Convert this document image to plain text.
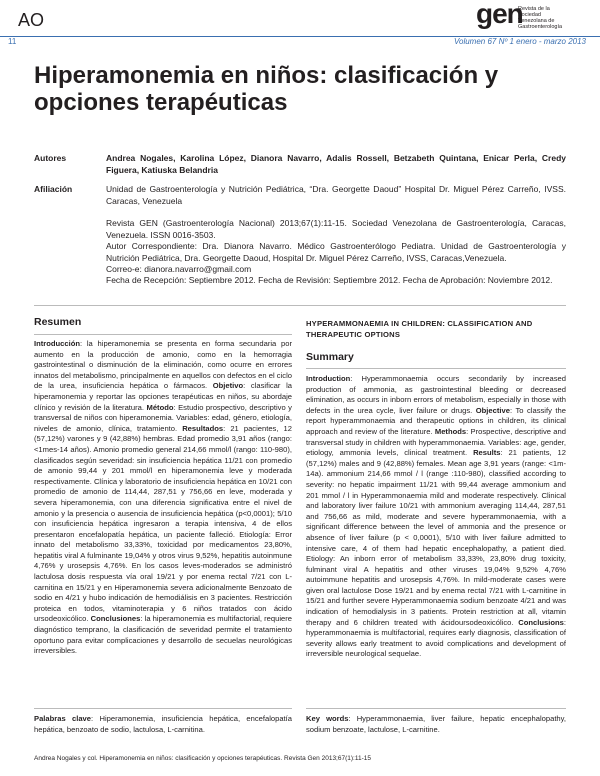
AO	gen
Revista de la
Sociedad
Venezolana de
Gastroenterología
11	Volumen 67 Nº 1 enero - marzo 2013
Hiperamonemia en niños: clasificación y opciones terapéuticas
Autores	Andrea Nogales, Karolina López, Dianora Navarro, Adalis Rossell, Betzabeth Quintana, Enicar Perla, Credy Figuera, Katiuska Belandria
Afiliación	Unidad de Gastroenterología y Nutrición Pediátrica, “Dra. Georgette Daoud” Hospital Dr. Miguel Pérez Carreño, IVSS. Caracas, Venezuela
Revista GEN (Gastroenterología Nacional) 2013;67(1):11-15. Sociedad Venezolana de Gastroenterología, Caracas, Venezuela. ISSN 0016-3503.
Autor Correspondiente: Dra. Dianora Navarro. Médico Gastroenterólogo Pediatra. Unidad de Gastroenterología y Nutrición Pediátrica, Dra. Georgette Daoud, Hospital Dr. Miguel Pérez Carreño, IVSS, Caracas,Venezuela.
Correo-e: dianora.navarro@gmail.com
Fecha de Recepción: Septiembre 2012. Fecha de Revisión: Septiembre 2012. Fecha de Aprobación: Noviembre 2012.
Resumen	HYPERAMMONAEMIA IN CHILDREN: CLASSIFICATION AND THERAPEUTIC OPTIONS
Summary

Introducción: la hiperamonemia se presenta en forma secundaria por aumento en la producción de amonio, como en la hemorragia gastrointestinal o disminución de la eliminación, como ocurre en errores innatos del metabolismo, principalmente en aquellos con defectos en el ciclo de la urea, insuficiencia hepática o fármacos. Objetivo: clasificar la hiperamonemia y reportar las opciones terapéuticas en niños, su abordaje clínico y revisión de la literatura. Método: Estudio prospectivo, descriptivo y transversal de niños con hiperamonemia. Variables: edad, género, etiología, niveles de amonio, clínica, tratamiento. Resultados: 21 pacientes, 12 (57,12%) varones y 9 (42,88%) hembras. Edad promedio 3,91 años (rango: <1mes-14 años). Amonio promedio general 214,66 mmol/l (rango: 110-980), clasificados según severidad: sin insuficiencia hepática 11/21 con promedio de amonio 99,44 y 201 mmol/l en hiperamonemia leve y moderada respectivamente. Clínica y laboratorio de insuficiencia hepática en 10/21 con promedio de amonio de 114,44, 287,51 y 756,66 en leve, moderada y severa hiperamonemia, con una diferencia significativa entre el nivel de amonio y la presencia o ausencia de insuficiencia hepática (p<0,0001); 5/10 con insuficiencia hepática ingresaron a terapia intensiva, 4 de ellos presentaron encefalopatía hepática, un paciente falleció. Etiología: Error innato del metabolismo 33,33%, toxicidad por medicamentos 23,80%, hepatitis viral A fulminante 19,04% y otros virus 9,52%, hepatitis autoinmune 4,76% y urosepsis 4,76%. En los casos leves-moderados se administró lactulosa dosis respuesta vía oral 19/21 y por enema rectal 7/21 con L-carnitina en 15/21 y en Hiperamonemia severa adicionalmente Benzoato de sodio en 4/21 y hubo indicación de hemodiálisis en 3 pacientes. Restricción proteica en todos, vitaminoterapia y 6 niños tratados con ácido ursodeoxicólico. Conclusiones: la hiperamonemia es multifactorial, requiere diagnóstico temprano, la clasificación de severidad permite el tratamiento oportuno para evitar complicaciones y desarrollo de secuelas neurológicas irreversibles.

Introduction: Hyperammonaemia occurs secondarily by increased production of ammonia, as gastrointestinal bleeding or decreased elimination, as occurs in inborn errors of metabolism, especially in those with defects in the urea cycle, liver failure or drugs. Objective: To classify the report hyperammonaemia and therapeutic options in children, its clinical approach and review of the literature. Methods: Prospective, descriptive and transversal study in children with hyperammonaemia. Variables: age, gender, etiology, ammonia levels, clinical treatment. Results: 21 patients, 12 (57,12%) males and 9 (42,88%) females. Mean age 3,91 years (range: <1m-14a). ammonium 214,66 mmol / l (range :110-980), classified according to severity: no hepatic impairment 11/21 with 99,44 average ammonium and 201 mmol / l in Hyperammonaemia mild and moderate respectively. Clinical and laboratory liver failure 10/21 with ammonium averaging 114,44, 287,51 and 756,66 as mild, moderate and severe hyperammonaemia, with a significant difference between the level of ammonia and the presence or absence of liver failure (p < 0,0001), 5/10 with liver failure admitted to intensive care, 4 of them had hepatic encephalopathy, a patient died. Etiology: An inborn error of metabolism 33,33%, 23,80% drug toxicity, fulminant viral A hepatitis and other viruses 19,04% 9,52% 4,76% autoimmune hepatitis and urosepsis 4,76%. In mild-moderate cases were given oral lactulose Dose 19/21 and by enema rectal 7/21 with L-carnitine in 15/21 and further severe Hyperammonaemia sodium benzoate 4/21 and was indication of hemodialysis in 3 patients. Protein restriction at all, vitamin therapy and 6 children treated with ácidoursodeoxicólico. Conclusions: hyperammonaemia is multifactorial, requires early diagnosis, classification of severity allows early treatment to avoid complications and development of irreversible neurological sequelae.

Palabras clave: Hiperamonemia, insuficiencia hepática, encefalopatía hepática, benzoato de sodio, lactulosa, L-carnitina.
Key words: Hyperammonaemia, liver failure, hepatic encephalopathy, sodium benzoate, lactulose, L-carnitine.
Andrea Nogales y col. Hiperamonemia en niños: clasificación y opciones terapéuticas. Revista Gen 2013;67(1):11-15
